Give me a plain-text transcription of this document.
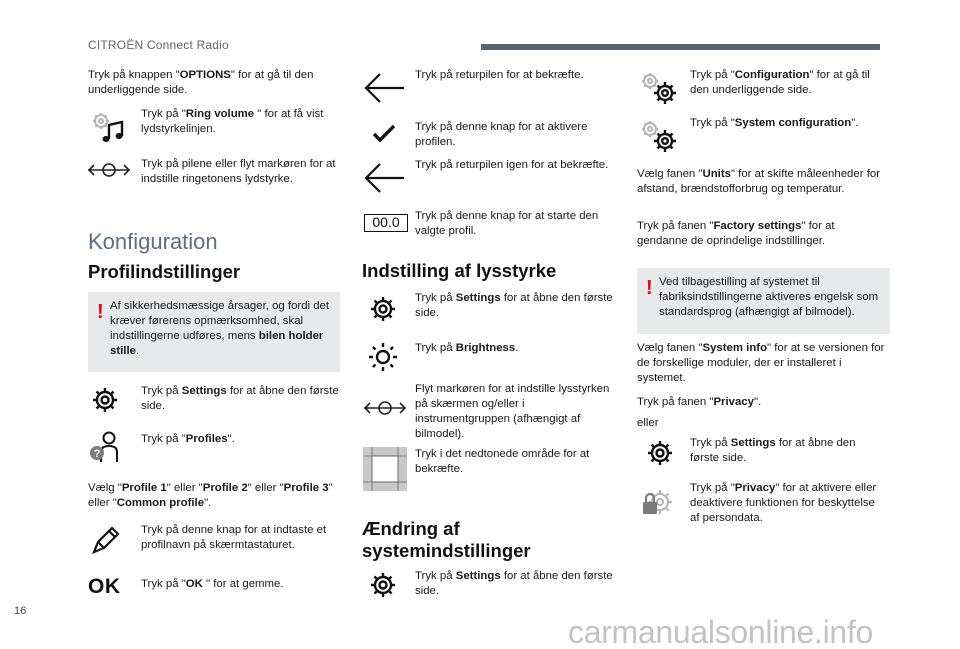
CITROËN Connect Radio
Tryk på knappen "OPTIONS" for at gå til den underliggende side.
Tryk på "Ring volume " for at få vist lydstyrkelinjen.
Tryk på pilene eller flyt markøren for at indstille ringetonens lydstyrke.
Konfiguration
Profilindstillinger
! Af sikkerhedsmæssige årsager, og fordi det kræver førerens opmærksomhed, skal indstillingerne udføres, mens bilen holder stille.
Tryk på Settings for at åbne den første side.
?
Tryk på "Profiles".
Vælg "Profile 1" eller "Profile 2" eller "Profile 3" eller "Common profile".
Tryk på denne knap for at indtaste et profilnavn på skærmtastaturet.
OK Tryk på "OK " for at gemme.
Tryk på returpilen for at bekræfte.
Tryk på denne knap for at aktivere profilen.
Tryk på returpilen igen for at bekræfte.
00.0	Tryk på denne knap for at starte den valgte profil.
Indstilling af lysstyrke
Tryk på Settings for at åbne den første side.
Tryk på Brightness.
Flyt markøren for at indstille lysstyrken på skærmen og/eller i instrumentgruppen (afhængigt af bilmodel).
Tryk i det nedtonede område for at bekræfte.
Ændring af
systemindstillinger
Tryk på Settings for at åbne den første side.
Tryk på "Configuration" for at gå til den underliggende side.
Tryk på "System configuration".
Vælg fanen "Units" for at skifte måleenheder for afstand, brændstofforbrug og temperatur.
Tryk på fanen "Factory settings" for at gendanne de oprindelige indstillinger.
! Ved tilbagestilling af systemet til fabriksindstillingerne aktiveres engelsk som standardsprog (afhængigt af bilmodel).
Vælg fanen "System info" for at se versionen for de forskellige moduler, der er installeret i systemet.
Tryk på fanen "Privacy".
eller
Tryk på Settings for at åbne den første side.
Tryk på "Privacy" for at aktivere eller deaktivere funktionen for beskyttelse af persondata.
16
carmanualsonline.info
